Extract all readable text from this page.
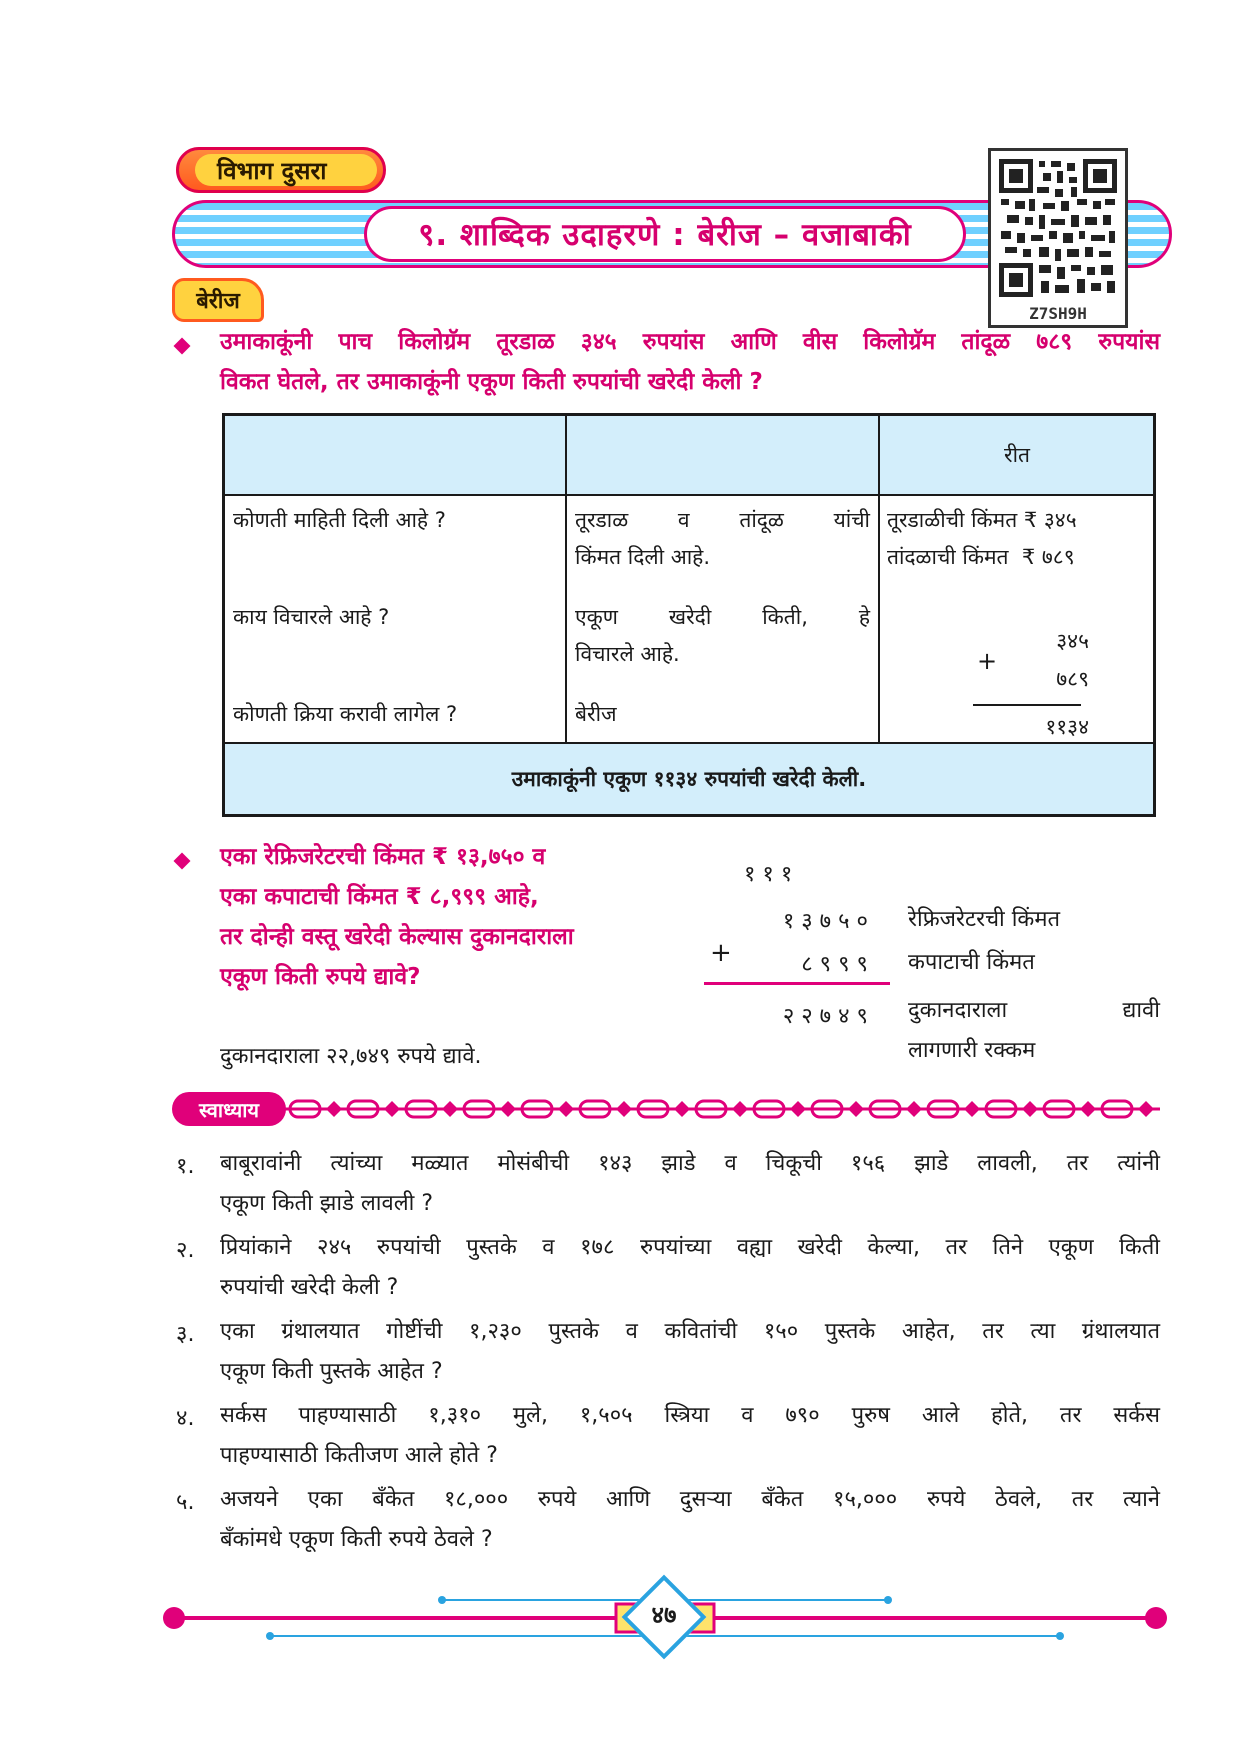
विभाग दुसरा
९. शाब्दिक उदाहरणे : बेरीज – वजाबाकी
Z7SH9H
बेरीज
उमाकाकूंनी पाच किलोग्रॅम तूरडाळ ३४५ रुपयांस आणि वीस किलोग्रॅम तांदूळ ७८९ रुपयांस
विकत घेतले, तर उमाकाकूंनी एकूण किती रुपयांची खरेदी केली ?
रीत
कोणती माहिती दिली आहे ?
काय विचारले आहे ?
कोणती क्रिया करावी लागेल ?
तूरडाळ व तांदूळ यांची
किंमत दिली आहे.
एकूण खरेदी किती, हे
विचारले आहे.
बेरीज
तूरडाळीची किंमत ₹ ३४५
तांदळाची किंमत  ₹ ७८९
३४५
+
७८९
११३४
उमाकाकूंनी एकूण ११३४ रुपयांची खरेदी केली.
एका रेफ्रिजरेटरची किंमत ₹ १३,७५० व
एका कपाटाची किंमत ₹ ८,९९९ आहे,
तर दोन्ही वस्तू खरेदी केल्यास दुकानदाराला
एकूण किती रुपये द्यावे?
१ १ १
१ ३ ७ ५ ०
+	८ ९ ९ ९
२ २ ७ ४ ९
रेफ्रिजरेटरची किंमत
कपाटाची किंमत
दुकानदाराला द्यावी
लागणारी रक्कम
दुकानदाराला २२,७४९ रुपये द्यावे.
स्वाध्याय
१. बाबूरावांनी त्यांच्या मळ्यात मोसंबीची १४३ झाडे व चिकूची १५६ झाडे लावली, तर त्यांनी
एकूण किती झाडे लावली ?
२. प्रियांकाने २४५ रुपयांची पुस्तके व १७८ रुपयांच्या वह्या खरेदी केल्या, तर तिने एकूण किती
रुपयांची खरेदी केली ?
३. एका ग्रंथालयात गोष्टींची १,२३० पुस्तके व कवितांची १५० पुस्तके आहेत, तर त्या ग्रंथालयात
एकूण किती पुस्तके आहेत ?
४. सर्कस पाहण्यासाठी १,३१० मुले, १,५०५ स्त्रिया व ७९० पुरुष आले होते, तर सर्कस
पाहण्यासाठी कितीजण आले होते ?
५. अजयने एका बँकेत १८,००० रुपये आणि दुसऱ्या बँकेत १५,००० रुपये ठेवले, तर त्याने
बँकांमधे एकूण किती रुपये ठेवले ?
४७
